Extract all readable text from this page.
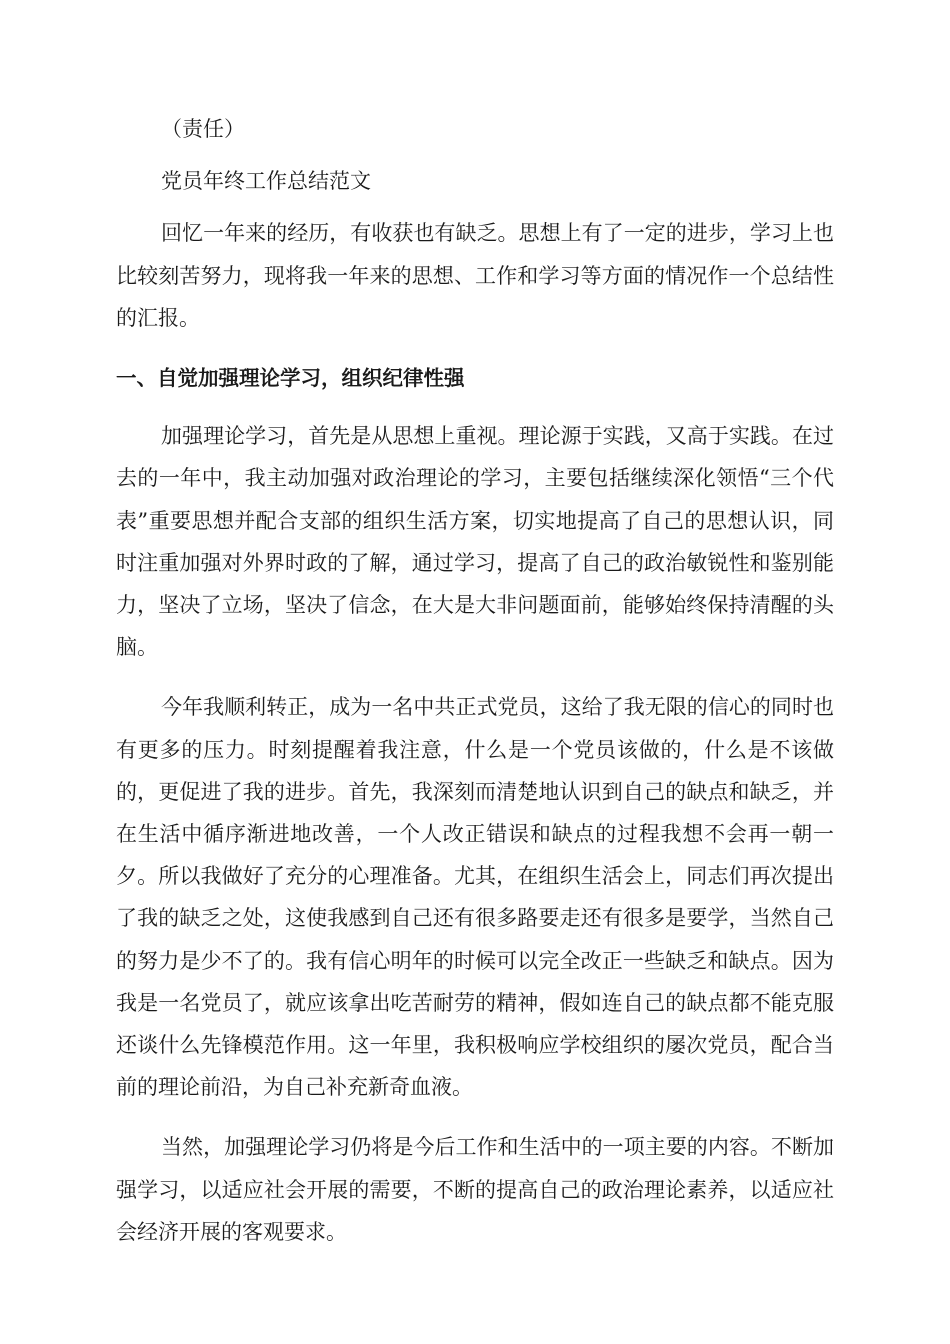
（责任）

党员年终工作总结范文

回忆一年来的经历，有收获也有缺乏。思想上有了一定的进步，学习上也比较刻苦努力，现将我一年来的思想、工作和学习等方面的情况作一个总结性的汇报。

一、自觉加强理论学习，组织纪律性强

加强理论学习，首先是从思想上重视。理论源于实践，又高于实践。在过去的一年中，我主动加强对政治理论的学习，主要包括继续深化领悟“三个代表”重要思想并配合支部的组织生活方案，切实地提高了自己的思想认识，同时注重加强对外界时政的了解，通过学习，提高了自己的政治敏锐性和鉴别能力，坚决了立场，坚决了信念，在大是大非问题面前，能够始终保持清醒的头脑。

今年我顺利转正，成为一名中共正式党员，这给了我无限的信心的同时也有更多的压力。时刻提醒着我注意，什么是一个党员该做的，什么是不该做的，更促进了我的进步。首先，我深刻而清楚地认识到自己的缺点和缺乏，并在生活中循序渐进地改善，一个人改正错误和缺点的过程我想不会再一朝一夕。所以我做好了充分的心理准备。尤其，在组织生活会上，同志们再次提出了我的缺乏之处，这使我感到自己还有很多路要走还有很多是要学，当然自己的努力是少不了的。我有信心明年的时候可以完全改正一些缺乏和缺点。因为我是一名党员了，就应该拿出吃苦耐劳的精神，假如连自己的缺点都不能克服还谈什么先锋模范作用。这一年里，我积极响应学校组织的屡次党员，配合当前的理论前沿，为自己补充新奇血液。

当然，加强理论学习仍将是今后工作和生活中的一项主要的内容。不断加强学习，以适应社会开展的需要，不断的提高自己的政治理论素养，以适应社会经济开展的客观要求。
